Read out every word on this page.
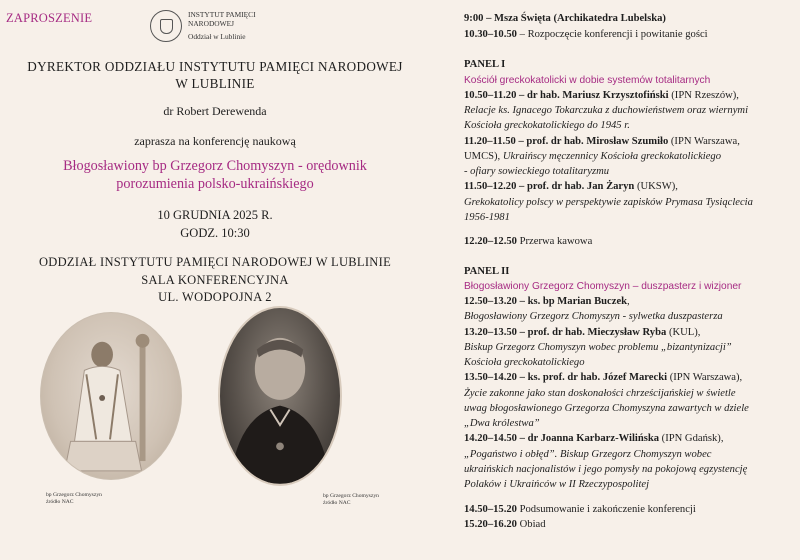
ZAPROSZENIE	INSTYTUT PAMIĘCI
NARODOWEJ
Oddział w Lublinie
DYREKTOR ODDZIAŁU INSTYTUTU PAMIĘCI NARODOWEJ
W LUBLINIE
dr Robert Derewenda
zaprasza na konferencję naukową
Błogosławiony bp Grzegorz Chomyszyn - orędownik
porozumienia polsko-ukraińskiego
10 GRUDNIA 2025 R.
GODZ. 10:30
ODDZIAŁ INSTYTUTU PAMIĘCI NARODOWEJ W LUBLINIE
SALA KONFERENCYJNA
UL. WODOPOJNA 2
bp Grzegorz Chomyszyn
źródło NAC
bp Grzegorz Chomyszyn
źródło NAC
9:00 – Msza Święta (Archikatedra Lubelska)
10.30–10.50 – Rozpoczęcie konferencji i powitanie gości
PANEL I
Kościół greckokatolicki w dobie systemów totalitarnych
10.50–11.20 – dr hab. Mariusz Krzysztofiński (IPN Rzeszów),
Relacje ks. Ignacego Tokarczuka z duchowieństwem oraz wiernymi
Kościoła greckokatolickiego do 1945 r.
11.20–11.50 – prof. dr hab. Mirosław Szumiło (IPN Warszawa,
UMCS), Ukraińscy męczennicy Kościoła greckokatolickiego
- ofiary sowieckiego totalitaryzmu
11.50–12.20 – prof. dr hab. Jan Żaryn (UKSW),
Grekokatolicy polscy w perspektywie zapisków Prymasa Tysiąclecia
1956-1981
12.20–12.50 Przerwa kawowa
PANEL II
Błogosławiony Grzegorz Chomyszyn – duszpasterz i wizjoner
12.50–13.20 – ks. bp Marian Buczek,
Błogosławiony Grzegorz Chomyszyn - sylwetka duszpasterza
13.20–13.50 – prof. dr hab. Mieczysław Ryba (KUL),
Biskup Grzegorz Chomyszyn wobec problemu „bizantynizacji”
Kościoła greckokatolickiego
13.50–14.20 – ks. prof. dr hab. Józef Marecki (IPN Warszawa),
Życie zakonne jako stan doskonałości chrześcijańskiej w świetle
uwag błogosławionego Grzegorza Chomyszyna zawartych w dziele
„Dwa królestwa”
14.20–14.50 – dr Joanna Karbarz-Wilińska (IPN Gdańsk),
„Pogaństwo i obłęd”. Biskup Grzegorz Chomyszyn wobec
ukraińskich nacjonalistów i jego pomysły na pokojową egzystencję
Polaków i Ukraińców w II Rzeczypospolitej
14.50–15.20 Podsumowanie i zakończenie konferencji
15.20–16.20 Obiad
